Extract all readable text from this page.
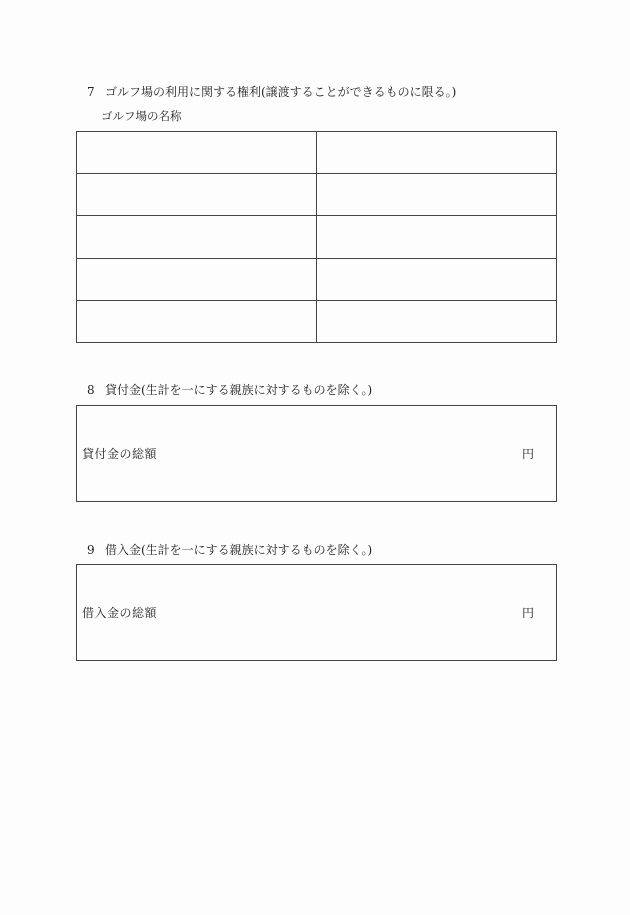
7 ゴルフ場の利用に関する権利(譲渡することができるものに限る。)
ゴルフ場の名称

8 貸付金(生計を一にする親族に対するものを除く。)
貸付金の総額	円
9 借入金(生計を一にする親族に対するものを除く。)
借入金の総額	円
